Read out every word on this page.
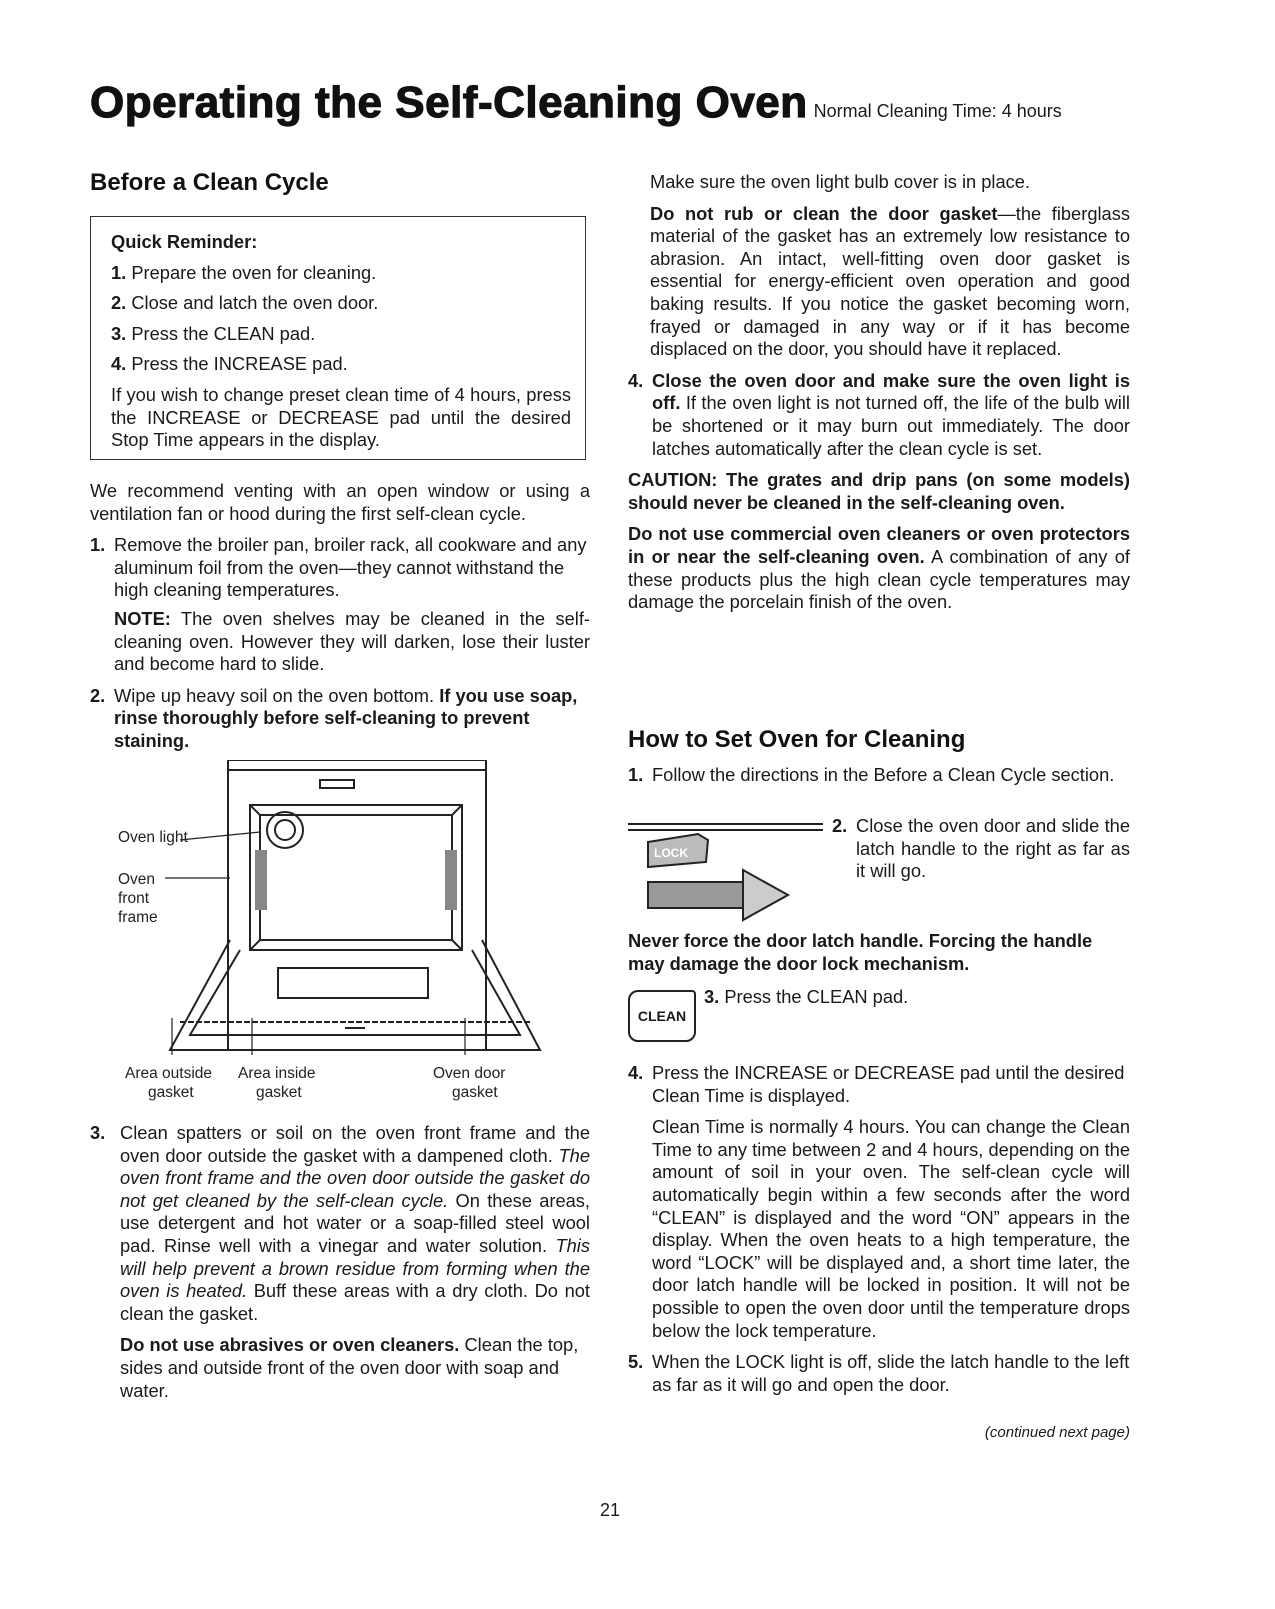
Operating the Self-Cleaning Oven Normal Cleaning Time: 4 hours
Before a Clean Cycle
Quick Reminder:
1. Prepare the oven for cleaning.
2. Close and latch the oven door.
3. Press the CLEAN pad.
4. Press the INCREASE pad.
If you wish to change preset clean time of 4 hours, press the INCREASE or DECREASE pad until the desired Stop Time appears in the display.

We recommend venting with an open window or using a ventilation fan or hood during the first self-clean cycle.

1. Remove the broiler pan, broiler rack, all cookware and any aluminum foil from the oven—they cannot withstand the high cleaning temperatures.

NOTE: The oven shelves may be cleaned in the self-cleaning oven. However they will darken, lose their luster and become hard to slide.

2. Wipe up heavy soil on the oven bottom. If you use soap, rinse thoroughly before self-cleaning to prevent staining.

Oven light
Oven
front
frame
Area outside
gasket
Area inside
gasket
Oven door
gasket
3. Clean spatters or soil on the oven front frame and the oven door outside the gasket with a dampened cloth. The oven front frame and the oven door outside the gasket do not get cleaned by the self-clean cycle. On these areas, use detergent and hot water or a soap-filled steel wool pad. Rinse well with a vinegar and water solution. This will help prevent a brown residue from forming when the oven is heated. Buff these areas with a dry cloth. Do not clean the gasket.

Do not use abrasives or oven cleaners. Clean the top, sides and outside front of the oven door with soap and water.

Make sure the oven light bulb cover is in place.

Do not rub or clean the door gasket—the fiberglass material of the gasket has an extremely low resistance to abrasion. An intact, well-fitting oven door gasket is essential for energy-efficient oven operation and good baking results. If you notice the gasket becoming worn, frayed or damaged in any way or if it has become displaced on the door, you should have it replaced.

4. Close the oven door and make sure the oven light is off. If the oven light is not turned off, the life of the bulb will be shortened or it may burn out immediately. The door latches automatically after the clean cycle is set.

CAUTION: The grates and drip pans (on some models) should never be cleaned in the self-cleaning oven.

Do not use commercial oven cleaners or oven protectors in or near the self-cleaning oven. A combination of any of these products plus the high clean cycle temperatures may damage the porcelain finish of the oven.

How to Set Oven for Cleaning
1. Follow the directions in the Before a Clean Cycle section.

LOCK
2. Close the oven door and slide the latch handle to the right as far as it will go.

Never force the door latch handle. Forcing the handle may damage the door lock mechanism.
CLEAN
3. Press the CLEAN pad.
4. Press the INCREASE or DECREASE pad until the desired Clean Time is displayed.

Clean Time is normally 4 hours. You can change the Clean Time to any time between 2 and 4 hours, depending on the amount of soil in your oven. The self-clean cycle will automatically begin within a few seconds after the word “CLEAN” is displayed and the word “ON” appears in the display. When the oven heats to a high temperature, the word “LOCK” will be displayed and, a short time later, the door latch handle will be locked in position. It will not be possible to open the oven door until the temperature drops below the lock temperature.

5. When the LOCK light is off, slide the latch handle to the left as far as it will go and open the door.

(continued next page)
21
